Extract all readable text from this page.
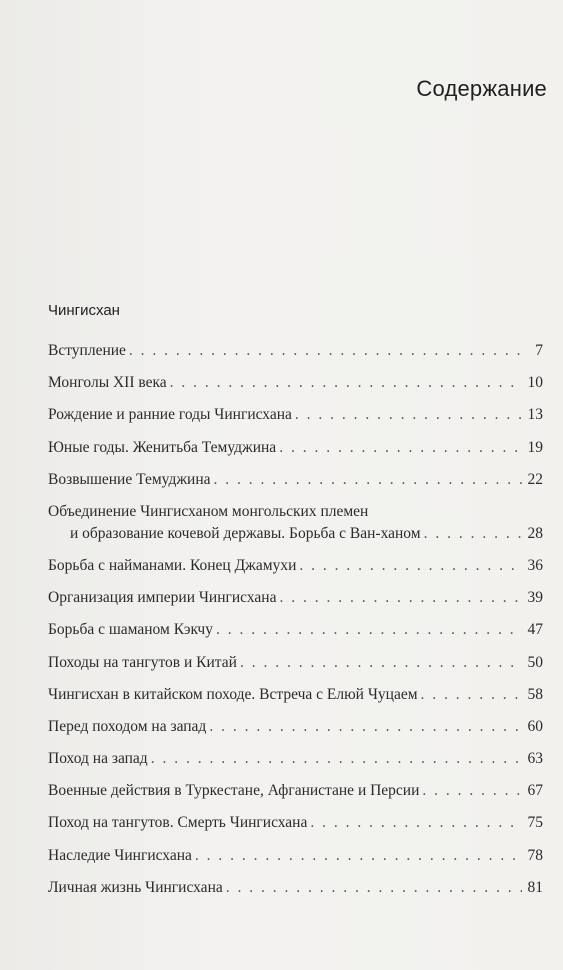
Содержание
Чингисхан
Вступление . . .	7
Монголы XII века . . .	10
Рождение и ранние годы Чингисхана . . .	13
Юные годы. Женитьба Темуджина . . .	19
Возвышение Темуджина . . .	22
Объединение Чингисханом монгольских племен
и образование кочевой державы. Борьба с Ван-ханом . . .	28
Борьба с найманами. Конец Джамухи . . .	36
Организация империи Чингисхана . . .	39
Борьба с шаманом Кэкчу . . .	47
Походы на тангутов и Китай . . .	50
Чингисхан в китайском походе. Встреча с Елюй Чуцаем . . .	58
Перед походом на запад . . .	60
Поход на запад . . .	63
Военные действия в Туркестане, Афганистане и Персии . . .	67
Поход на тангутов. Смерть Чингисхана . . .	75
Наследие Чингисхана . . .	78
Личная жизнь Чингисхана . . .	81
